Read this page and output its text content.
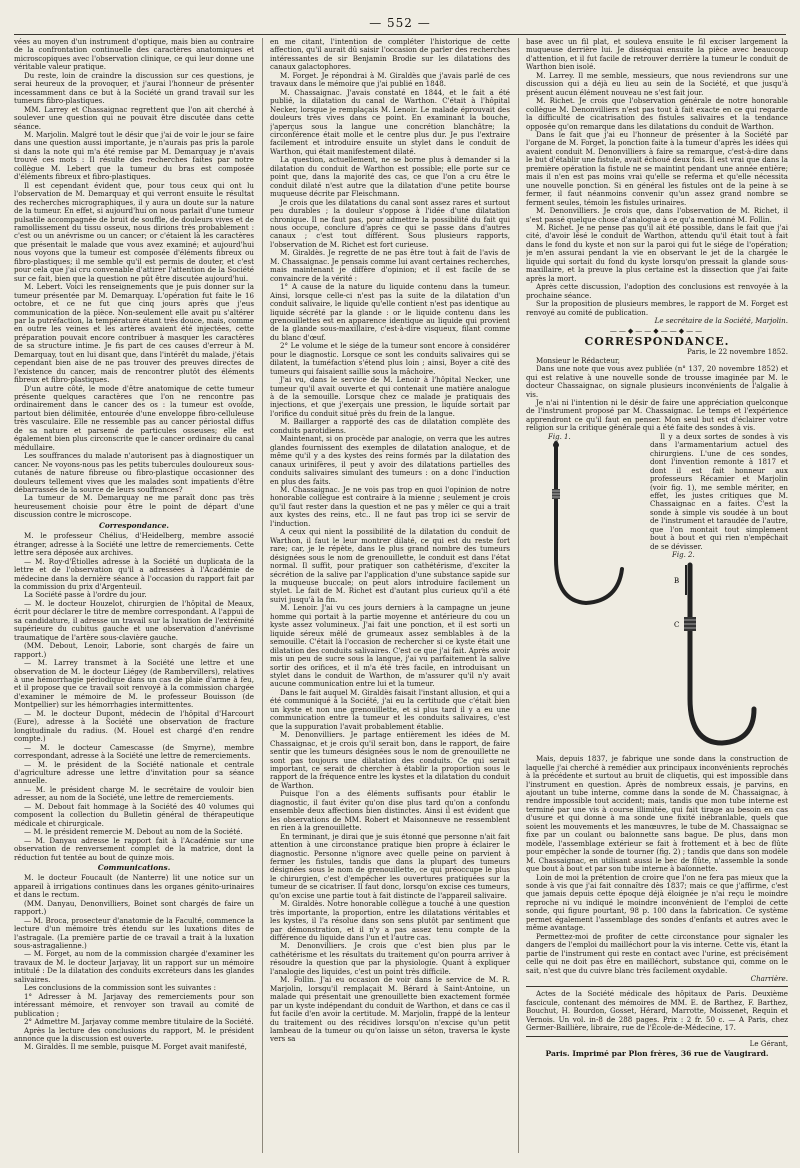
— 552 —

vées au moyen d'un instrument d'optique, mais bien au contraire de la confrontation continuelle des caractères anatomiques et microscopiques avec l'observation clinique, ce qui leur donne une véritable valeur pratique.

Du reste, loin de craindre la discussion sur ces questions, je serai heureux de la provoquer, et j'aurai l'honneur de présenter incessamment dans ce but à la Société un grand travail sur les tumeurs fibro-plastiques.

MM. Larrey et Chassaignac regrettent que l'on ait cherché à soulever une question qui ne pouvait être discutée dans cette séance.

M. Marjolin. Malgré tout le désir que j'ai de voir le jour se faire dans une question aussi importante, je n'aurais pas pris la parole si dans la note qui m'a été remise par M. Demarquay je n'avais trouvé ces mots : Il résulte des recherches faites par notre collègue M. Lebert que la tumeur du bras est composée d'éléments fibreux et fibro-plastiques.

Il est cependant évident que, pour tous ceux qui ont lu l'observation de M. Demarquay et qui verront ensuite le résultat des recherches micrographiques, il y aura un doute sur la nature de la tumeur. En effet, si aujourd'hui on nous parlait d'une tumeur pulsatile accompagnée de bruit de souffle, de douleurs vives et de ramollissement du tissu osseux, nous dirions très probablement : c'est ou un anévrisme ou un cancer; or c'étaient là les caractères que présentait le malade que vous avez examiné; et aujourd'hui nous voyons que la tumeur est composée d'éléments fibreux ou fibro-plastiques; il me semble qu'il est permis de douter, et c'est pour cela que j'ai cru convenable d'attirer l'attention de la Société sur ce fait, bien que la question ne pût être discutée aujourd'hui.

M. Lebert. Voici les renseignements que je puis donner sur la tumeur présentée par M. Demarquay. L'opération fut faite le 16 octobre, et ce ne fut que cinq jours après que j'eus communication de la pièce. Non-seulement elle avait pu s'altérer par la putréfaction, la température étant très douce, mais, comme en outre les veines et les artères avaient été injectées, cette préparation pouvait encore contribuer à masquer les caractères de sa structure intime. Je fis part de ces causes d'erreur à M. Demarquay, tout en lui disant que, dans l'intérêt du malade, j'étais cependant bien aise de ne pas trouver des preuves directes de l'existence du cancer, mais de rencontrer plutôt des éléments fibreux et fibro-plastiques.

D'un autre côté, le mode d'être anatomique de cette tumeur présente quelques caractères que l'on ne rencontre pas ordinairement dans le cancer des os : la tumeur est ovoïde, partout bien délimitée, entourée d'une enveloppe fibro-celluleuse très vasculaire. Elle ne ressemble pas au cancer périostal diffus de sa nature et parsemé de particules osseuses; elle est également bien plus circonscrite que le cancer ordinaire du canal médullaire.

Les souffrances du malade n'autorisent pas à diagnostiquer un cancer. Ne voyons-nous pas les petits tubercules douloureux sous-cutanés de nature fibreuse ou fibro-plastique occasionner des douleurs tellement vives que les malades sont impatients d'être débarrassés de la source de leurs souffrances?

La tumeur de M. Demarquay ne me paraît donc pas très heureusement choisie pour être le point de départ d'une discussion contre le microscope.

Correspondance.

M. le professeur Chélius, d'Heidelberg, membre associé étranger, adresse à la Société une lettre de remerciements. Cette lettre sera déposée aux archives.

— M. Roy-d'Étiolles adresse à la Société un duplicata de la lettre et de l'observation qu'il a adressées à l'Académie de médecine dans la dernière séance à l'occasion du rapport fait par la commission du prix d'Argenteuil.

La Société passe à l'ordre du jour.

— M. le docteur Houzelot, chirurgien de l'hôpital de Meaux, écrit pour déclarer le titre de membre correspondant. A l'appui de sa candidature, il adresse un travail sur la luxation de l'extrémité supérieure du cubitus gauche et une observation d'anévrisme traumatique de l'artère sous-clavière gauche.

(MM. Debout, Lenoir, Laborie, sont chargés de faire un rapport.)

— M. Larrey transmet à la Société une lettre et une observation de M. le docteur Liégey (de Rambervillers), relatives à une hémorrhagie périodique dans un cas de plaie d'arme à feu, et il propose que ce travail soit renvoyé à la commission chargée d'examiner le mémoire de M. le professeur Bouisson (de Montpellier) sur les hémorrhagies intermittentes.

— M. le docteur Dupont, médecin de l'hôpital d'Harcourt (Eure), adresse à la Société une observation de fracture longitudinale du radius. (M. Houel est chargé d'en rendre compte.)

— M. le docteur Camescasse (de Smyrne), membre correspondant, adresse à la Société une lettre de remerciements.

— M. le président de la Société nationale et centrale d'agriculture adresse une lettre d'invitation pour sa séance annuelle.

— M. le président charge M. le secrétaire de vouloir bien adresser, au nom de la Société, une lettre de remerciements.

— M. Debout fait hommage à la Société des 40 volumes qui composent la collection du Bulletin général de thérapeutique médicale et chirurgicale.

— M. le président remercie M. Debout au nom de la Société.

— M. Danyau adresse le rapport fait à l'Académie sur une observation de renversement complet de la matrice, dont la réduction fut tentée au bout de quinze mois.

Communications.

M. le docteur Foucault (de Nanterre) lit une notice sur un appareil à irrigations continues dans les organes génito-urinaires et dans le rectum.

(MM. Danyau, Denonvilliers, Boinet sont chargés de faire un rapport.)

— M. Broca, prosecteur d'anatomie de la Faculté, commence la lecture d'un mémoire très étendu sur les luxations dites de l'astragale. (La première partie de ce travail a trait à la luxation sous-astragalienne.)

— M. Forget, au nom de la commission chargée d'examiner les travaux de M. le docteur Jarjavay, lit un rapport sur un mémoire intitulé : De la dilatation des conduits excréteurs dans les glandes salivaires.

Les conclusions de la commission sont les suivantes :

1° Adresser à M. Jarjavay des remerciements pour son intéressant mémoire, et renvoyer son travail au comité de publication ;

2° Admettre M. Jarjavay comme membre titulaire de la Société.

Après la lecture des conclusions du rapport, M. le président annonce que la discussion est ouverte.

M. Giraldès. Il me semble, puisque M. Forget avait manifesté,

en me citant, l'intention de compléter l'historique de cette affection, qu'il aurait dû saisir l'occasion de parler des recherches intéressantes de sir Benjamin Brodie sur les dilatations des canaux galactophores.

M. Forget. Je répondrai à M. Giraldès que j'avais parlé de ces travaux dans le mémoire que j'ai publié en 1848.

M. Chassaignac. J'avais constaté en 1844, et le fait a été publié, la dilatation du canal de Warthon. C'était à l'hôpital Necker, lorsque je remplaçais M. Lenoir. Le malade éprouvait des douleurs très vives dans ce point. En examinant la bouche, j'aperçus sous la langue une concrétion blanchâtre; la circonférence était molle et le centre plus dur. Je pus l'extraire facilement et introduire ensuite un stylet dans le conduit de Warthon, qui était manifestement dilaté.

La question, actuellement, ne se borne plus à demander si la dilatation du conduit de Warthon est possible; elle porte sur ce point que, dans la majorité des cas, ce que l'on a cru être le conduit dilaté n'est autre que la dilatation d'une petite bourse muqueuse décrite par Fleischmann.

Je crois que les dilatations du canal sont assez rares et surtout peu durables ; la douleur s'oppose à l'idée d'une dilatation chronique. Il ne faut pas, pour admettre la possibilité du fait qui nous occupe, conclure d'après ce qui se passe dans d'autres canaux ; c'est tout différent. Sous plusieurs rapports, l'observation de M. Richet est fort curieuse.

M. Giraldès. Je regrette de ne pas être tout à fait de l'avis de M. Chassaignac. Je pensais comme lui avant certaines recherches, mais maintenant je diffère d'opinion; et il est facile de se convaincre de la vérité :

1° A cause de la nature du liquide contenu dans la tumeur. Ainsi, lorsque celle-ci n'est pas la suite de la dilatation d'un conduit salivaire, le liquide qu'elle contient n'est pas identique au liquide sécrété par la glande : or le liquide contenu dans les grenouillettes est en apparence identique au liquide qui provient de la glande sous-maxillaire, c'est-à-dire visqueux, filant comme du blanc d'œuf.

2° Le volume et le siége de la tumeur sont encore à considérer pour le diagnostic. Lorsque ce sont les conduits salivaires qui se dilatent, la tuméfaction s'étend plus loin ; ainsi, Boyer a cité des tumeurs qui faisaient saillie sous la mâchoire.

J'ai vu, dans le service de M. Lenoir à l'hôpital Necker, une tumeur qu'il avait ouverte et qui contenait une matière analogue à de la semouille. Lorsque chez ce malade je pratiquais des injections, et que j'exerçais une pression, le liquide sortait par l'orifice du conduit situé près du frein de la langue.

M. Baillarger a rapporté des cas de dilatation complète des conduits parotidiens.

Maintenant, si on procède par analogie, on verra que les autres glandes fournissent des exemples de dilatation analogue, et de même qu'il y a des kystes des reins formés par la dilatation des canaux urinifères, il peut y avoir des dilatations partielles des conduits salivaires simulant des tumeurs : on a donc l'induction en plus des faits.

M. Chassaignac. Je ne vois pas trop en quoi l'opinion de notre honorable collègue est contraire à la mienne ; seulement je crois qu'il faut rester dans la question et ne pas y mêler ce qui a trait aux kystes des reins, etc.. Il ne faut pas trop ici se servir de l'induction.

A ceux qui nient la possibilité de la dilatation du conduit de Warthon, il faut le leur montrer dilaté, ce qui est du reste fort rare; car, je le répète, dans le plus grand nombre des tumeurs désignées sous le nom de grenouillette, le conduit est dans l'état normal. Il suffit, pour pratiquer son cathétérisme, d'exciter la sécrétion de la salive par l'application d'une substance sapide sur la muqueuse buccale; on peut alors introduire facilement un stylet. Le fait de M. Richet est d'autant plus curieux qu'il a été suivi jusqu'à la fin.

M. Lenoir. J'ai vu ces jours derniers à la campagne un jeune homme qui portait à la partie moyenne et antérieure du cou un kyste assez volumineux. J'ai fait une ponction, et il est sorti un liquide séreux mêlé de grumeaux assez semblables à de la semouille. C'était là l'occasion de rechercher si ce kyste était une dilatation des conduits salivaires. C'est ce que j'ai fait. Après avoir mis un peu de sucre sous la langue, j'ai vu parfaitement la salive sortir des orifices, et il m'a été très facile, en introduisant un stylet dans le conduit de Warthon, de m'assurer qu'il n'y avait aucune communication entre lui et la tumeur.

Dans le fait auquel M. Giraldès faisait l'instant allusion, et qui a été communiqué à la Société, j'ai eu la certitude que c'était bien un kyste et non une grenouillette, et si plus tard il y a eu une communication entre la tumeur et les conduits salivaires, c'est que la suppuration l'avait probablement établie.

M. Denonvilliers. Je partage entièrement les idées de M. Chassaignac, et je crois qu'il serait bon, dans le rapport, de faire sentir que les tumeurs désignées sous le nom de grenouillette ne sont pas toujours une dilatation des conduits. Ce qui serait important, ce serait de chercher à établir la proportion sous le rapport de la fréquence entre les kystes et la dilatation du conduit de Warthon.

Puisque l'on a des éléments suffisants pour établir le diagnostic, il faut éviter qu'on dise plus tard qu'on a confondu ensemble deux affections bien distinctes. Ainsi il est évident que les observations de MM. Robert et Maisonneuve ne ressemblent en rien à la grenouillette.

En terminant, je dirai que je suis étonné que personne n'ait fait attention à une circonstance pratique bien propre à éclairer le diagnostic. Personne n'ignore avec quelle peine on parvient à fermer les fistules, tandis que dans la plupart des tumeurs désignées sous le nom de grenouillette, ce qui préoccupe le plus le chirurgien, c'est d'empêcher les ouvertures pratiquées sur la tumeur de se cicatriser. Il faut donc, lorsqu'on excise ces tumeurs, qu'on excise une partie tout à fait distincte de l'appareil salivaire.

M. Giraldès. Notre honorable collègue a touché à une question très importante, la proportion, entre les dilatations véritables et les kystes, il l'a résolue dans son sens plutôt par sentiment que par démonstration, et il n'y a pas assez tenu compte de la différence du liquide dans l'un et l'autre cas.

M. Denonvilliers. Je crois que c'est bien plus par le cathétérisme et les résultats du traitement qu'on pourra arriver à résoudre la question que par la physiologie. Quant à expliquer l'analogie des liquides, c'est un point très difficile.

M. Follin. J'ai eu occasion de voir dans le service de M. R. Marjolin, lorsqu'il remplaçait M. Bérard à Saint-Antoine, un malade qui présentait une grenouillette bien exactement formée par un kyste indépendant du conduit de Warthon, et dans ce cas il fut facile d'en avoir la certitude. M. Marjolin, frappé de la lenteur du traitement ou des récidives lorsqu'on n'excise qu'un petit lambeau de la tumeur ou qu'on laisse un séton, traversa le kyste vers sa

base avec un fil plat, et souleva ensuite le fil exciser largement la muqueuse derrière lui. Je disséquai ensuite la pièce avec beaucoup d'attention, et il fut facile de retrouver derrière la tumeur le conduit de Warthon bien isolé.

M. Larrey. Il me semble, messieurs, que nous reviendrons sur une discussion qui a déjà eu lieu au sein de la Société, et que jusqu'à présent aucun élément nouveau ne s'est fait jour.

M. Richet. Je crois que l'observation générale de notre honorable collègue M. Denonvilliers n'est pas tout à fait exacte en ce qui regarde la difficulté de cicatrisation des fistules salivaires et la tendance opposée qu'on remarque dans les dilatations du conduit de Warthon.

Dans le fait que j'ai eu l'honneur de présenter à la Société par l'organe de M. Forget, la ponction faite à la tumeur d'après les idées qui avaient conduit M. Denonvilliers à faire sa remarque, c'est-à-dire dans le but d'établir une fistule, avait échoué deux fois. Il est vrai que dans la première opération la fistule ne se maintint pendant une année entière; mais il n'en est pas moins vrai qu'elle se referma et qu'elle nécessita une nouvelle ponction. Si en général les fistules ont de la peine à se fermer, il faut néanmoins convenir qu'un assez grand nombre se ferment seules, témoin les fistules urinaires.

M. Denonvilliers. Je crois que, dans l'observation de M. Richet, il s'est passé quelque chose d'analogue à ce qu'a mentionné M. Follin.

M. Richet. Je ne pense pas qu'il ait été possible, dans le fait que j'ai cité, d'avoir lésé le conduit de Warthon, attendu qu'il était tout à fait dans le fond du kyste et non sur la paroi qui fut le siége de l'opération; je m'en assurai pendant la vie en observant le jet de la chargée le liquide qui sortait du fond du kyste lorsqu'on pressait la glande sous-maxillaire, et la preuve la plus certaine est la dissection que j'ai faite après la mort.

Après cette discussion, l'adoption des conclusions est renvoyée à la prochaine séance.

Sur la proposition de plusieurs membres, le rapport de M. Forget est renvoyé au comité de publication.

Le secrétaire de la Société, Marjolin.

——◆——◆——◆——
CORRESPONDANCE.

Paris, le 22 novembre 1852.

Monsieur le Rédacteur,

Dans une note que vous avez publiée (n° 137, 20 novembre 1852) et qui est relative à une nouvelle sonde de trousse imaginée par M. le docteur Chassaignac, on signale plusieurs inconvénients de l'algalie à vis.

Je n'ai ni l'intention ni le désir de faire une appréciation quelconque de l'instrument proposé par M. Chassaignac. Le temps et l'expérience apprendront ce qu'il faut en penser. Mon seul but est d'éclairer votre religion sur la critique générale qui a été faite des sondes à vis.

Fig. 1.	Il y a deux sortes de sondes à vis dans l'armamentarium actuel des chirurgiens. L'une de ces sondes, dont l'invention remonte à 1817 et dont il est fait honneur aux professeurs Récamier et Marjolin (voir fig. 1), me semble mériter, en effet, les justes critiques que M. Chassaignac en a faites. C'est la sonde à simple vis soudée à un bout de l'instrument et taraudée de l'autre, que l'on montait tout simplement bout à bout et qui rien n'empêchait de se dévisser.

Fig. 2.
B
C

Mais, depuis 1837, je fabrique une sonde dans la construction de laquelle j'ai cherché à remédier aux principaux inconvénients reprochés à la précédente et surtout au bruit de cliquetis, qui est impossible dans l'instrument en question. Après de nombreux essais, je parvins, en ajoutant un tube interne, comme dans la sonde de M. Chassaignac, à rendre impossible tout accident; mais, tandis que mon tube interne est terminé par une vis à course illimitée, qui fait tirage au besoin en cas d'usure et qui donne à ma sonde une fixité inébranlable, quels que soient les mouvements et les manœuvres, le tube de M. Chassaignac se fixe par un coulant ou baïonnette sans bague. De plus, dans mon modèle, l'assemblage extérieur se fait à frottement et à bec de flûte pour empêcher la sonde de tourner (fig. 2) ; tandis que dans son modèle M. Chassaignac, en utilisant aussi le bec de flûte, n'assemble la sonde que bout à bout et par son tube interne à baïonnette.

Loin de moi la prétention de croire que l'on ne fera pas mieux que la sonde à vis que j'ai fait connaître dès 1837; mais ce que j'affirme, c'est que jamais depuis cette époque déjà éloignée je n'ai reçu le moindre reproche ni vu indiqué le moindre inconvénient de l'emploi de cette sonde, qui figure pourtant, 98 p. 100 dans la fabrication. Ce système permet également l'assemblage des sondes d'enfants et autres avec le même avantage.

Permettez-moi de profiter de cette circonstance pour signaler les dangers de l'emploi du mailléchort pour la vis interne. Cette vis, étant la partie de l'instrument qui reste en contact avec l'urine, est précisément celle qui ne doit pas être en mailléchort, substance qui, comme on le sait, n'est que du cuivre blanc très facilement oxydable.

Charrière.

Actes de la Société médicale des hôpitaux de Paris. Deuxième fascicule, contenant des mémoires de MM. E. de Barthez, F. Barthez, Bouchut, H. Bourdon, Gosset, Hérard, Marrotte, Moissenet, Requin et Vernois. Un vol. in-8 de 288 pages. Prix : 2 fr. 50 c. — A Paris, chez Germer-Baillière, libraire, rue de l'École-de-Médecine, 17.

Le Gérant,

Paris. Imprimé par Plon frères, 36 rue de Vaugirard.
